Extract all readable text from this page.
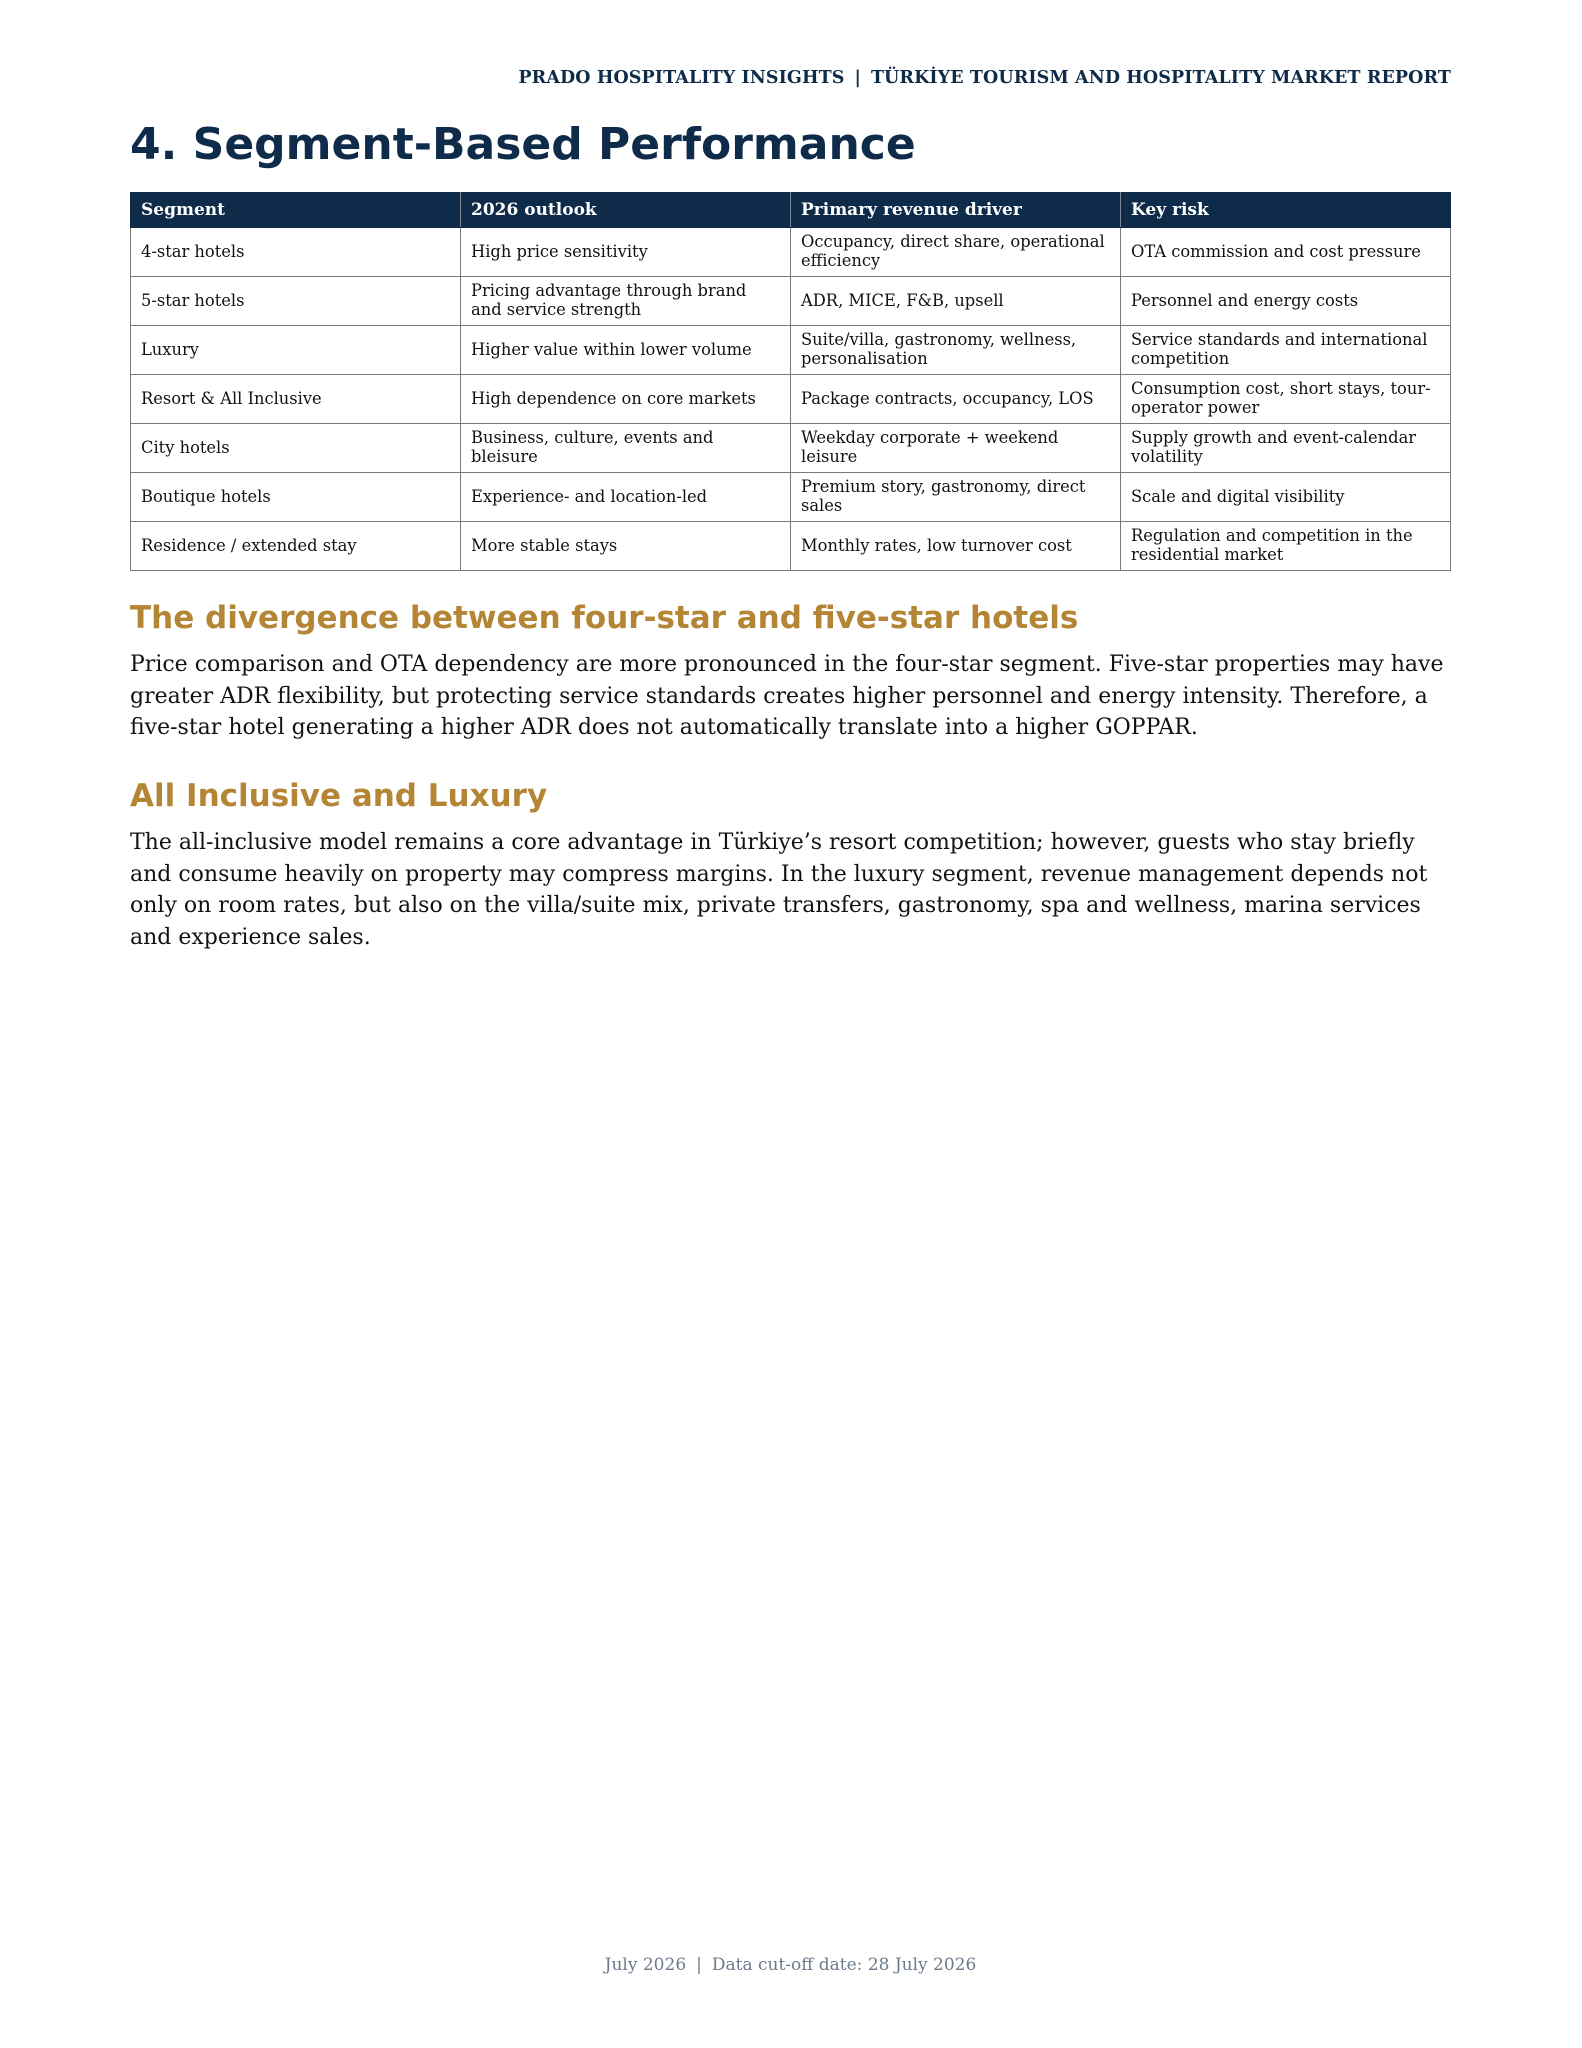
PRADO HOSPITALITY INSIGHTS | TÜRKİYE TOURISM AND HOSPITALITY MARKET REPORT
4. Segment-Based Performance
Segment	2026 outlook	Primary revenue driver	Key risk
4-star hotels	High price sensitivity	Occupancy, direct share, operational efficiency	OTA commission and cost pressure
5-star hotels	Pricing advantage through brand and service strength	ADR, MICE, F&B, upsell	Personnel and energy costs
Luxury	Higher value within lower volume	Suite/villa, gastronomy, wellness, personalisation	Service standards and international competition
Resort & All Inclusive	High dependence on core markets	Package contracts, occupancy, LOS	Consumption cost, short stays, tour-operator power
City hotels	Business, culture, events and bleisure	Weekday corporate + weekend leisure	Supply growth and event-calendar volatility
Boutique hotels	Experience- and location-led	Premium story, gastronomy, direct sales	Scale and digital visibility
Residence / extended stay	More stable stays	Monthly rates, low turnover cost	Regulation and competition in the residential market
The divergence between four-star and five-star hotels

Price comparison and OTA dependency are more pronounced in the four-star segment. Five-star properties may have greater ADR flexibility, but protecting service standards creates higher personnel and energy intensity. Therefore, a five-star hotel generating a higher ADR does not automatically translate into a higher GOPPAR.

All Inclusive and Luxury

The all-inclusive model remains a core advantage in Türkiye’s resort competition; however, guests who stay briefly and consume heavily on property may compress margins. In the luxury segment, revenue management depends not only on room rates, but also on the villa/suite mix, private transfers, gastronomy, spa and wellness, marina services and experience sales.

July 2026 | Data cut-off date: 28 July 2026
